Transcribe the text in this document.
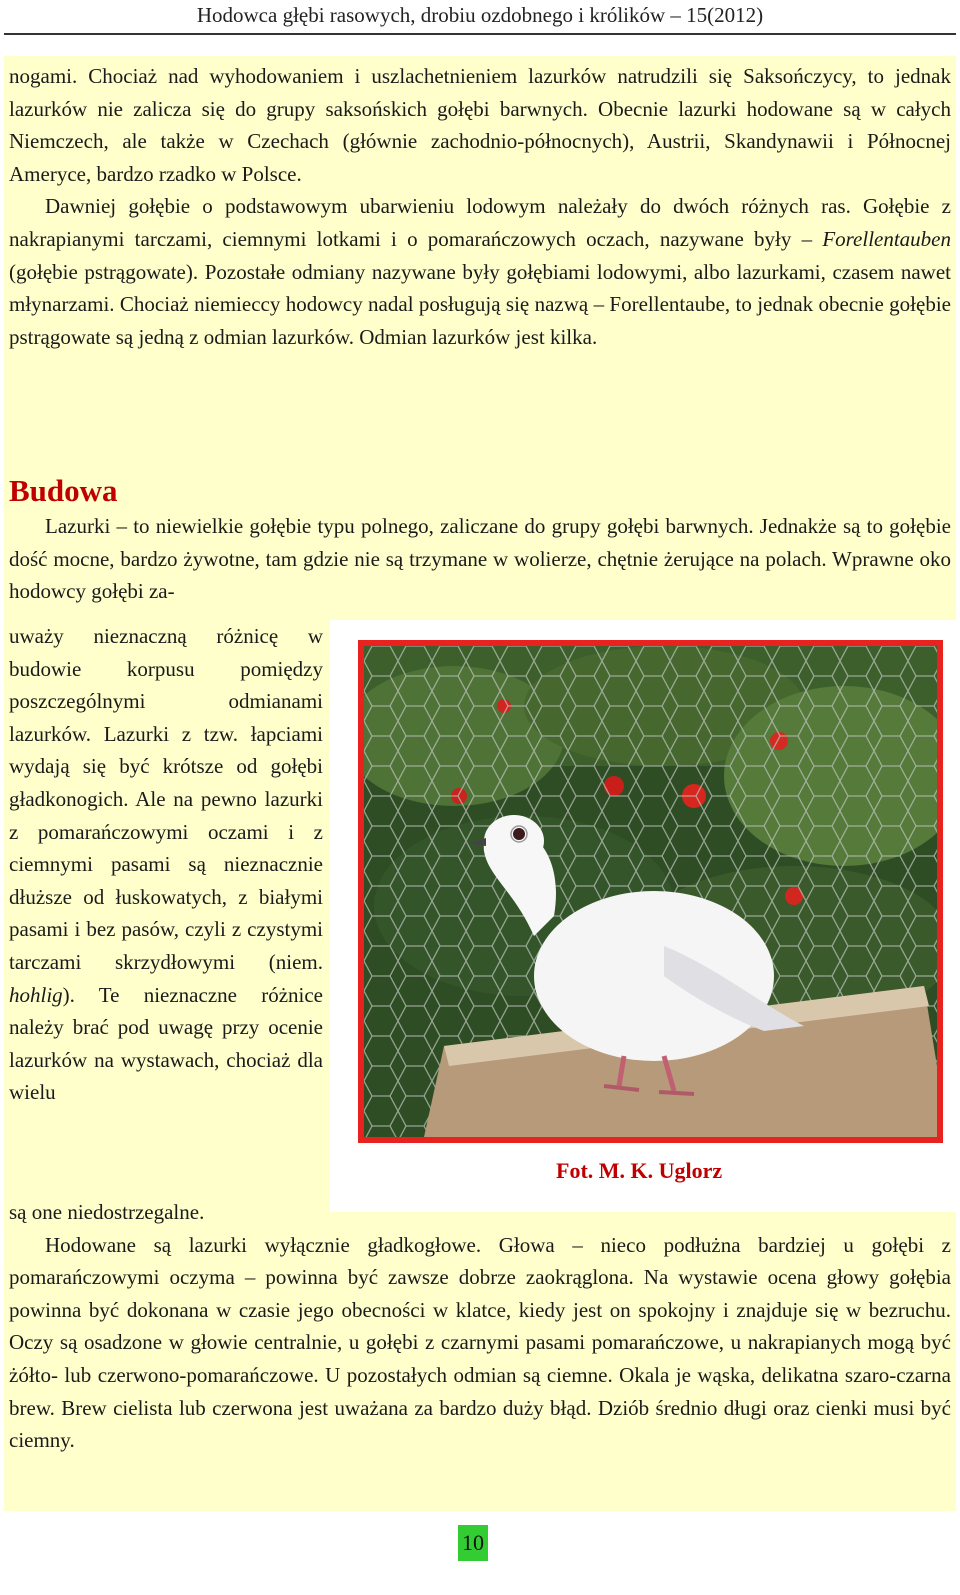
Hodowca głębi rasowych, drobiu ozdobnego i królików – 15(2012)

nogami. Chociaż nad wyhodowaniem i uszlachetnieniem lazurków natrudzili się Saksończycy, to jednak lazurków nie zalicza się do grupy saksońskich gołębi barwnych. Obecnie lazurki hodowane są w całych Niemczech, ale także w Czechach (głównie zachodnio-północnych), Austrii, Skandynawii i Północnej Ameryce, bardzo rzadko w Polsce.

Dawniej gołębie o podstawowym ubarwieniu lodowym należały do dwóch różnych ras. Gołębie z nakrapianymi tarczami, ciemnymi lotkami i o pomarańczowych oczach, nazywane były – Forellentauben (gołębie pstrągowate). Pozostałe odmiany nazywane były gołębiami lodowymi, albo lazurkami, czasem nawet młynarzami. Chociaż niemieccy hodowcy nadal posługują się nazwą – Forellentaube, to jednak obecnie gołębie pstrągowate są jedną z odmian lazurków. Odmian lazurków jest kilka.

Budowa

Lazurki – to niewielkie gołębie typu polnego, zaliczane do grupy gołębi barwnych. Jednakże są to gołębie dość mocne, bardzo żywotne, tam gdzie nie są trzymane w wolierze, chętnie żerujące na polach. Wprawne oko hodowcy gołębi za-

uważy nieznaczną różnicę w budowie korpusu pomiędzy poszczególnymi odmianami lazurków. Lazurki z tzw. łapciami wydają się być krótsze od gołębi gładkonogich. Ale na pewno lazurki z pomarańczowymi oczami i z ciemnymi pasami są nieznacznie dłuższe od łuskowatych, z białymi pasami i bez pasów, czyli z czystymi tarczami skrzydłowymi (niem. hohlig). Te nieznaczne różnice należy brać pod uwagę przy ocenie lazurków na wystawach, chociaż dla wielu

Fot. M. K. Uglorz

są one niedostrzegalne.

Hodowane są lazurki wyłącznie gładkogłowe. Głowa – nieco podłużna bardziej u gołębi z pomarańczowymi oczyma – powinna być zawsze dobrze zaokrąglona. Na wystawie ocena głowy gołębia powinna być dokonana w czasie jego obecności w klatce, kiedy jest on spokojny i znajduje się w bezruchu. Oczy są osadzone w głowie centralnie, u gołębi z czarnymi pasami pomarańczowe, u nakrapianych mogą być żółto- lub czerwono-pomarańczowe. U pozostałych odmian są ciemne. Okala je wąska, delikatna szaro-czarna brew. Brew cielista lub czerwona jest uważana za bardzo duży błąd. Dziób średnio długi oraz cienki musi być ciemny.

10
